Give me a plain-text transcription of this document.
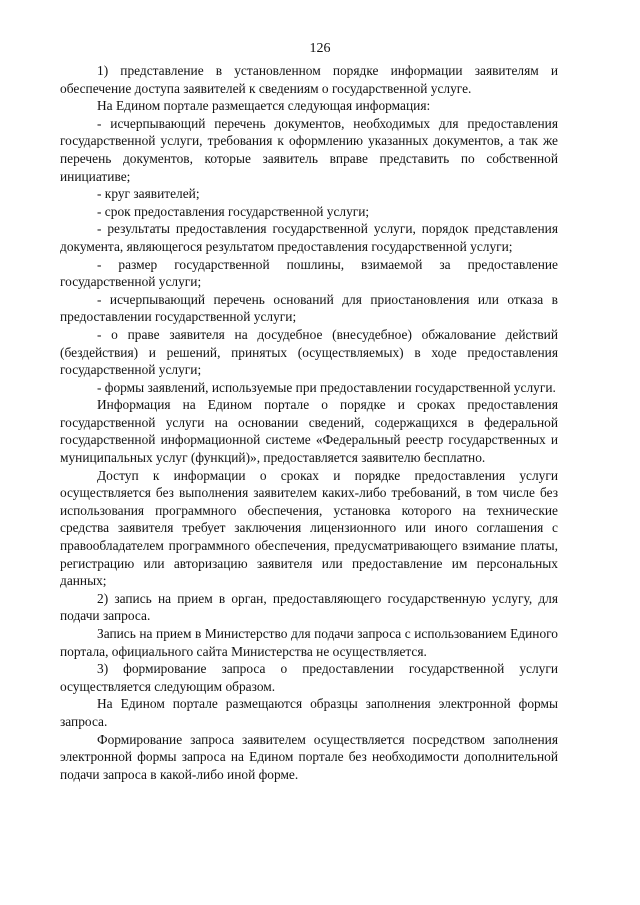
126

1) представление в установленном порядке информации заявителям и обеспечение доступа заявителей к сведениям о государственной услуге.

На Едином портале размещается следующая информация:

- исчерпывающий перечень документов, необходимых для предоставления государственной услуги, требования к оформлению указанных документов, а так же перечень документов, которые заявитель вправе представить по собственной инициативе;

- круг заявителей;

- срок предоставления государственной услуги;

- результаты предоставления государственной услуги, порядок представления документа, являющегося результатом предоставления государственной услуги;

- размер государственной пошлины, взимаемой за предоставление государственной услуги;

- исчерпывающий перечень оснований для приостановления или отказа в предоставлении государственной услуги;

- о праве заявителя на досудебное (внесудебное) обжалование действий (бездействия) и решений, принятых (осуществляемых) в ходе предоставления государственной услуги;

- формы заявлений, используемые при предоставлении государственной услуги.

Информация на Едином портале о порядке и сроках предоставления государственной услуги на основании сведений, содержащихся в федеральной государственной информационной системе «Федеральный реестр государственных и муниципальных услуг (функций)», предоставляется заявителю бесплатно.

Доступ к информации о сроках и порядке предоставления услуги осуществляется без выполнения заявителем каких-либо требований, в том числе без использования программного обеспечения, установка которого на технические средства заявителя требует заключения лицензионного или иного соглашения с правообладателем программного обеспечения, предусматривающего взимание платы, регистрацию или авторизацию заявителя или предоставление им персональных данных;

2) запись на прием в орган, предоставляющего государственную услугу, для подачи запроса.

Запись на прием в Министерство для подачи запроса с использованием Единого портала, официального сайта Министерства не осуществляется.

3) формирование запроса о предоставлении государственной услуги осуществляется следующим образом.

На Едином портале размещаются образцы заполнения электронной формы запроса.

Формирование запроса заявителем осуществляется посредством заполнения электронной формы запроса на Едином портале без необходимости дополнительной подачи запроса в какой-либо иной форме.
